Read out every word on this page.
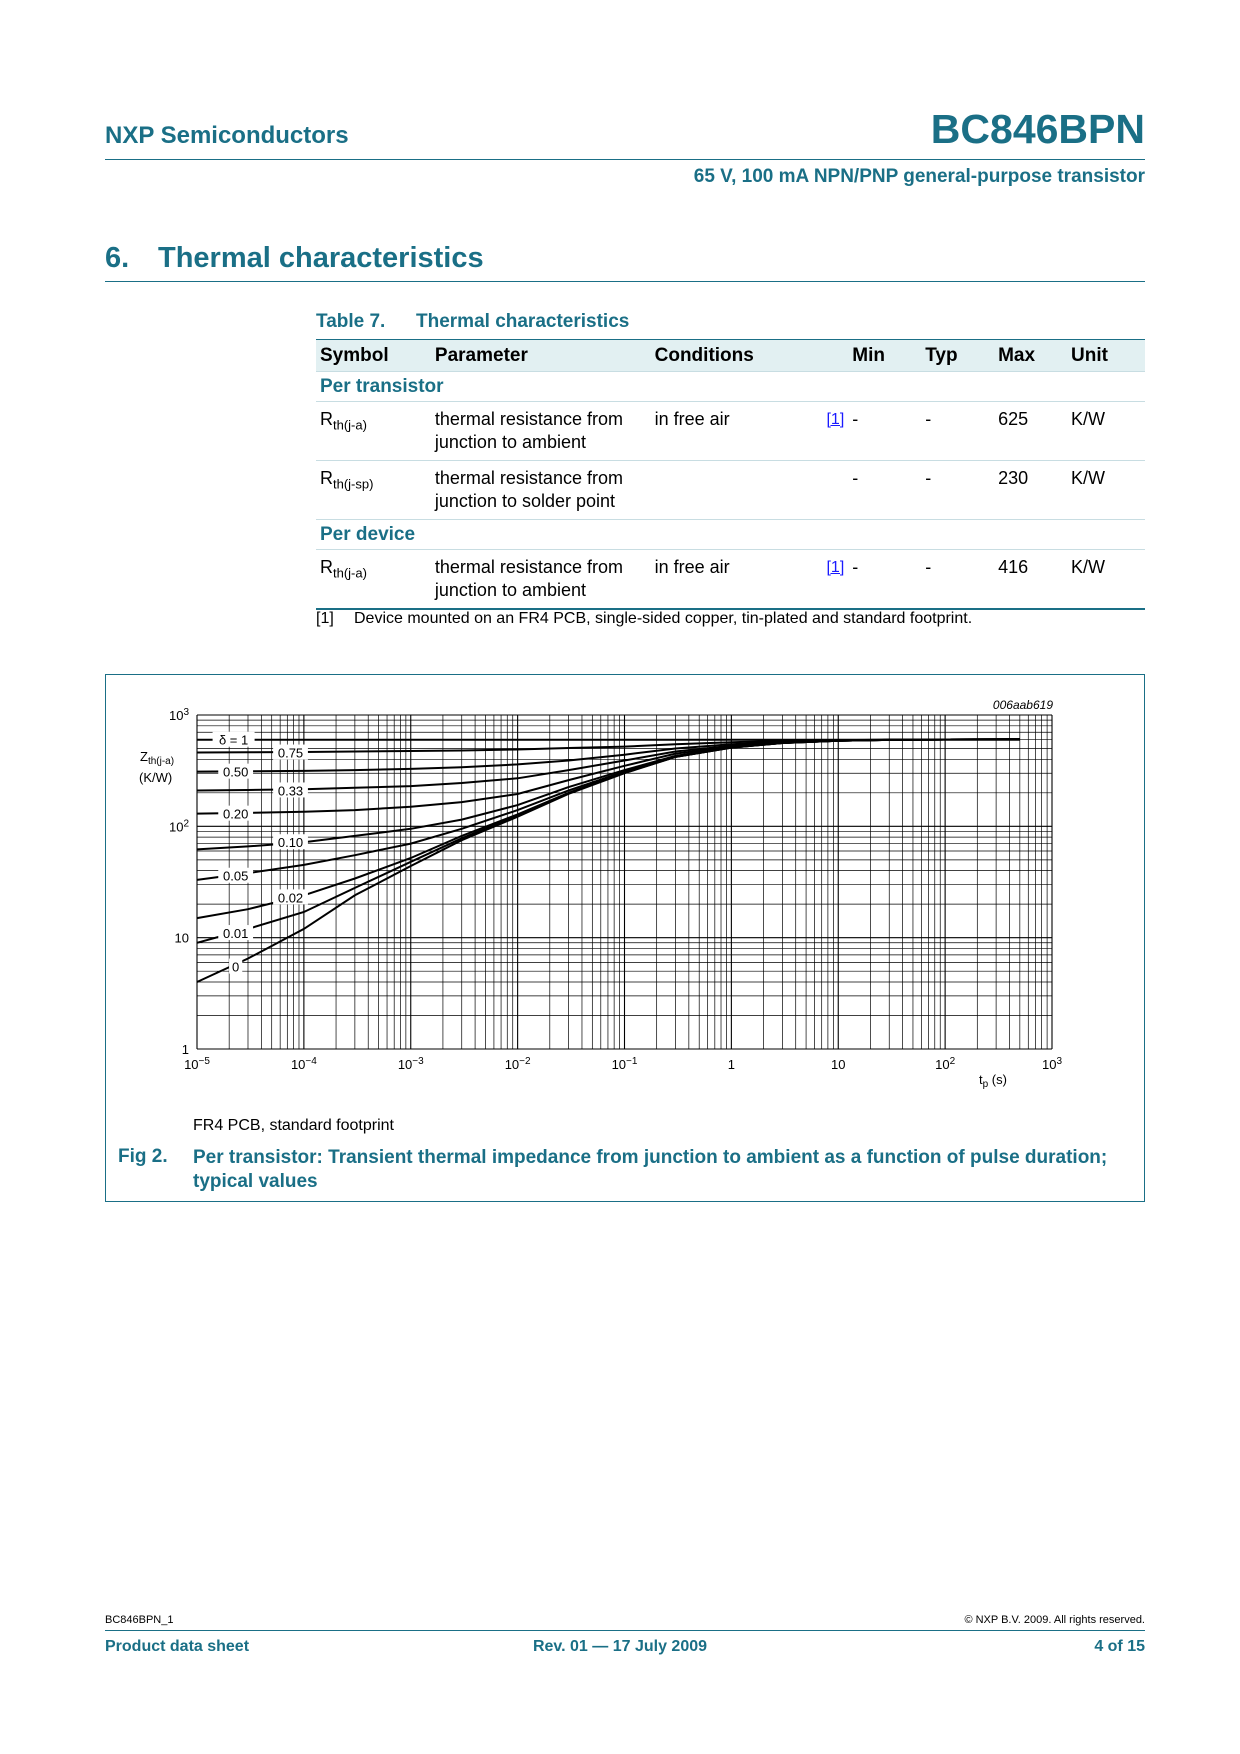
NXP Semiconductors	BC846BPN
65 V, 100 mA NPN/PNP general-purpose transistor
6. Thermal characteristics
Table 7. Thermal characteristics
Symbol	Parameter	Conditions		Min	Typ	Max	Unit
Per transistor							
$R_{th(j-a)}$	thermal resistance from
junction to ambient	in free air	[1]	-	-	625	K/W
$R_{th(j-sp)}$	thermal resistance from
junction to solder point			-	-	230	K/W
Per device							
$R_{th(j-a)}$	thermal resistance from
junction to ambient	in free air	[1]	-	-	416	K/W
[1] Device mounted on an FR4 PCB, single-sided copper, tin-plated and standard footprint.
δ = 1
0.75
0.50
0.33
0.20
0.10
0.05
0.02
0.01
0
$10^{-5}$	$10^{-4}$	$10^{-3}$	$10^{-2}$	$10^{-1}$	1	10	$10^2$	$10^3$
1
10
$10^2$
$10^3$
$Z_{th(j-a)}$
(K/W)
$t_p$ (s)
006aab619
FR4 PCB, standard footprint
Fig 2. Per transistor: Transient thermal impedance from junction to ambient as a function of pulse duration;
typical values
BC846BPN_1	© NXP B.V. 2009. All rights reserved.
Product data sheet	Rev. 01 — 17 July 2009	4 of 15
